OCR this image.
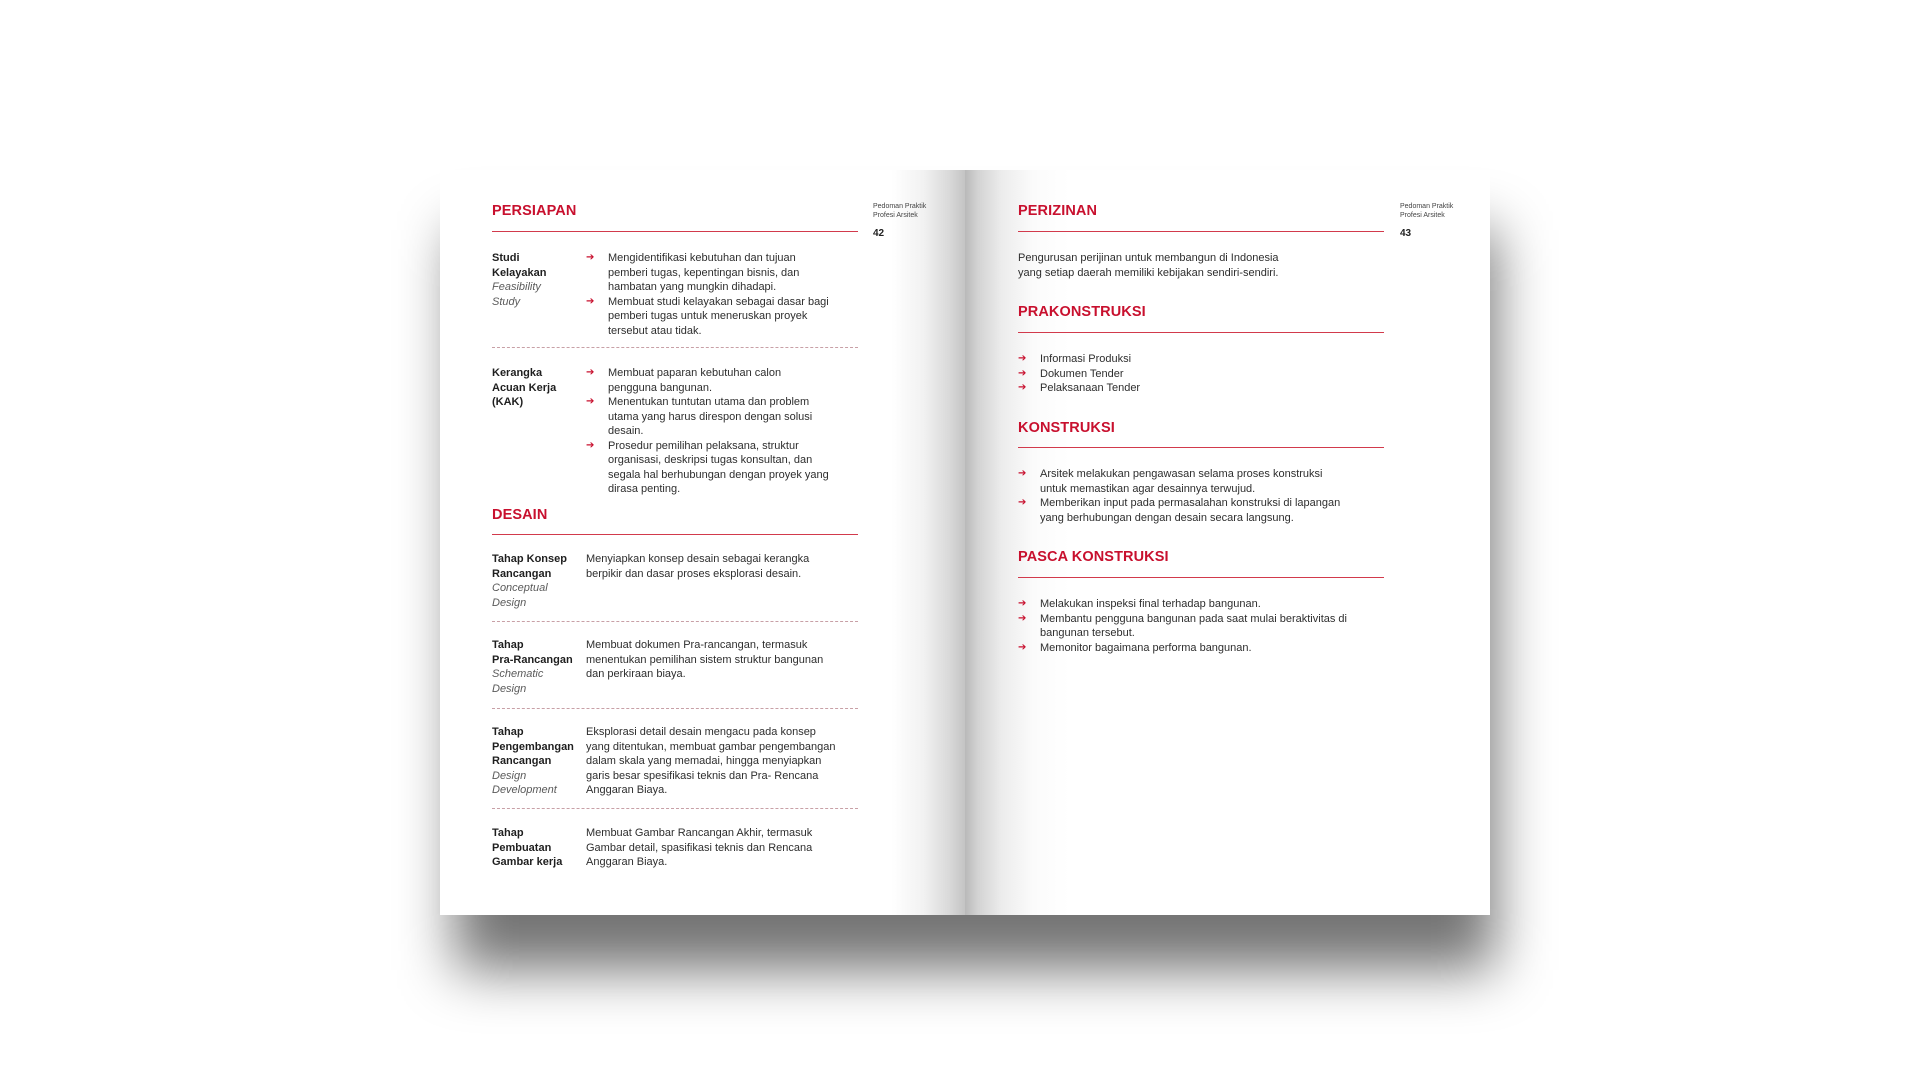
Pedoman Praktik
Profesi Arsitek
42
PERSIAPAN
Studi
Kelayakan
Feasibility
Study
➔ Mengidentifikasi kebutuhan dan tujuan
pemberi tugas, kepentingan bisnis, dan
hambatan yang mungkin dihadapi.
➔ Membuat studi kelayakan sebagai dasar bagi
pemberi tugas untuk meneruskan proyek
tersebut atau tidak.
Kerangka
Acuan Kerja
(KAK)
➔ Membuat paparan kebutuhan calon
pengguna bangunan.
➔ Menentukan tuntutan utama dan problem
utama yang harus direspon dengan solusi
desain.
➔ Prosedur pemilihan pelaksana, struktur
organisasi, deskripsi tugas konsultan, dan
segala hal berhubungan dengan proyek yang
dirasa penting.
DESAIN
Tahap Konsep
Rancangan
Conceptual
Design
Menyiapkan konsep desain sebagai kerangka
berpikir dan dasar proses eksplorasi desain.
Tahap
Pra-Rancangan
Schematic
Design
Membuat dokumen Pra-rancangan, termasuk
menentukan pemilihan sistem struktur bangunan
dan perkiraan biaya.
Tahap
Pengembangan
Rancangan
Design
Development
Eksplorasi detail desain mengacu pada konsep
yang ditentukan, membuat gambar pengembangan
dalam skala yang memadai, hingga menyiapkan
garis besar spesifikasi teknis dan Pra- Rencana
Anggaran Biaya.
Tahap
Pembuatan
Gambar kerja
Membuat Gambar Rancangan Akhir, termasuk
Gambar detail, spasifikasi teknis dan Rencana
Anggaran Biaya.
Pedoman Praktik
Profesi Arsitek
43
PERIZINAN
Pengurusan perijinan untuk membangun di Indonesia
yang setiap daerah memiliki kebijakan sendiri-sendiri.
PRAKONSTRUKSI
➔ Informasi Produksi
➔ Dokumen Tender
➔ Pelaksanaan Tender
KONSTRUKSI
➔ Arsitek melakukan pengawasan selama proses konstruksi
untuk memastikan agar desainnya terwujud.
➔ Memberikan input pada permasalahan konstruksi di lapangan
yang berhubungan dengan desain secara langsung.
PASCA KONSTRUKSI
➔ Melakukan inspeksi final terhadap bangunan.
➔ Membantu pengguna bangunan pada saat mulai beraktivitas di
bangunan tersebut.
➔ Memonitor bagaimana performa bangunan.
